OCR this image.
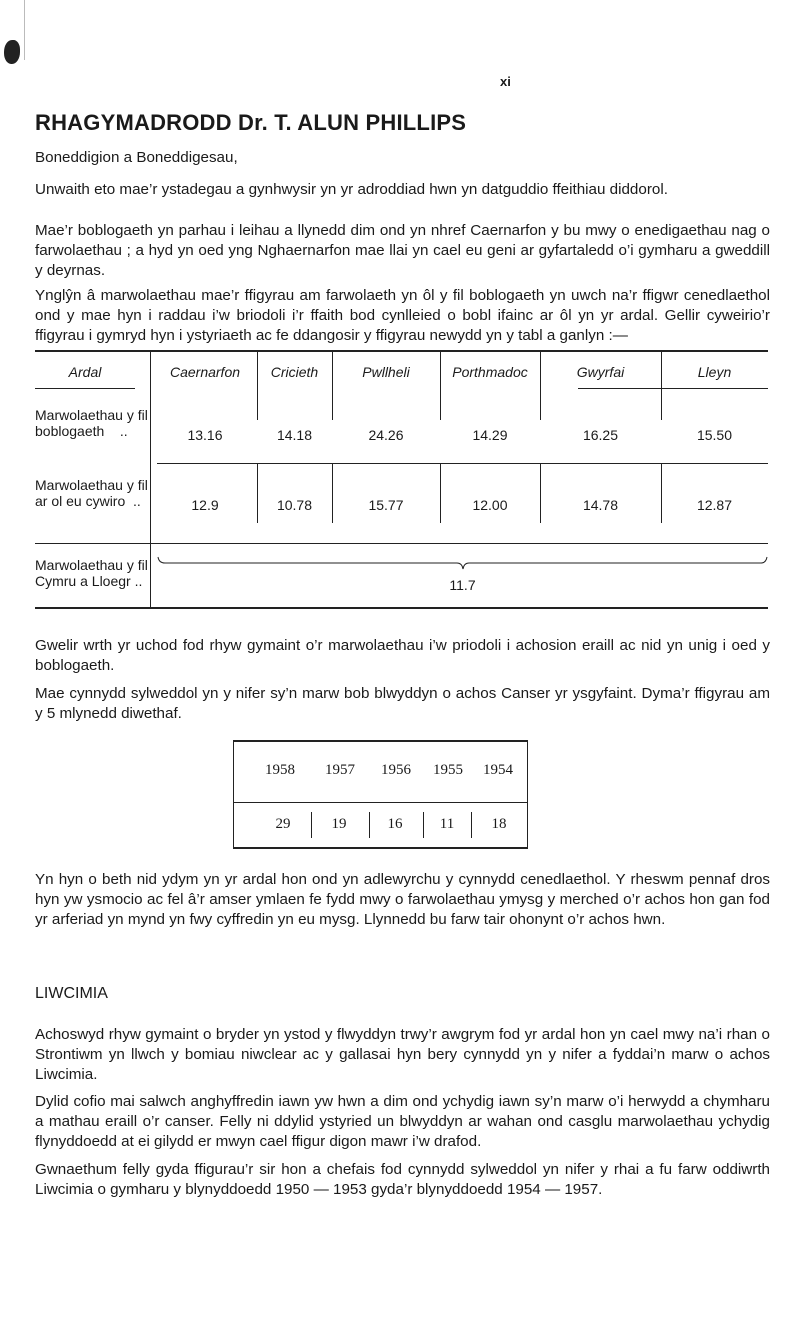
xi
RHAGYMADRODD Dr. T. ALUN PHILLIPS

Boneddigion a Boneddigesau,

Unwaith eto mae’r ystadegau a gynhwysir yn yr adroddiad hwn yn datguddio ffeithiau diddorol.

Mae’r boblogaeth yn parhau i leihau a llynedd dim ond yn nhref Caernarfon y bu mwy o enedigaethau nag o farwolaethau ; a hyd yn oed yng Nghaernarfon mae llai yn cael eu geni ar gyfartaledd o’i gymharu a gweddill y deyrnas.

Ynglŷn â marwolaethau mae’r ffigyrau am farwolaeth yn ôl y fil boblogaeth yn uwch na’r ffigwr cenedlaethol ond y mae hyn i raddau i’w briodoli i’r ffaith bod cynlleied o bobl ifainc ar ôl yn yr ardal. Gellir cyweirio’r ffigyrau i gymryd hyn i ystyriaeth ac fe ddangosir y ffigyrau newydd yn y tabl a ganlyn :—

Ardal	Caernarfon	Cricieth	Pwllheli	Porthmadoc	Gwyrfai	Lleyn
Marwolaethau y fil
boblogaeth ..	13.16	14.18	24.26	14.29	16.25	15.50
Marwolaethau y fil
ar ol eu cywiro ..	12.9	10.78	15.77	12.00	14.78	12.87
Marwolaethau y fil
Cymru a Lloegr ..	11.7

Gwelir wrth yr uchod fod rhyw gymaint o’r marwolaethau i’w priodoli i achosion eraill ac nid yn unig i oed y boblogaeth.

Mae cynnydd sylweddol yn y nifer sy’n marw bob blwyddyn o achos Canser yr ysgyfaint. Dyma’r ffigyrau am y 5 mlynedd diwethaf.

1958	1957	1956	1955	1954
29	19	16	11	18

Yn hyn o beth nid ydym yn yr ardal hon ond yn adlewyrchu y cynnydd cenedlaethol. Y rheswm pennaf dros hyn yw ysmocio ac fel â’r amser ymlaen fe fydd mwy o farwolaethau ymysg y merched o’r achos hon gan fod yr arferiad yn mynd yn fwy cyffredin yn eu mysg. Llynnedd bu farw tair ohonynt o’r achos hwn.

LIWCIMIA

Achoswyd rhyw gymaint o bryder yn ystod y flwyddyn trwy’r awgrym fod yr ardal hon yn cael mwy na’i rhan o Strontiwm yn llwch y bomiau niwclear ac y gallasai hyn bery cynnydd yn y nifer a fyddai’n marw o achos Liwcimia.

Dylid cofio mai salwch anghyffredin iawn yw hwn a dim ond ychydig iawn sy’n marw o’i herwydd a chymharu a mathau eraill o’r canser. Felly ni ddylid ystyried un blwyddyn ar wahan ond casglu marwolaethau ychydig flynyddoedd at ei gilydd er mwyn cael ffigur digon mawr i’w drafod.

Gwnaethum felly gyda ffigurau’r sir hon a chefais fod cynnydd sylweddol yn nifer y rhai a fu farw oddiwrth Liwcimia o gymharu y blynyddoedd 1950 — 1953 gyda’r blynyddoedd 1954 — 1957.
